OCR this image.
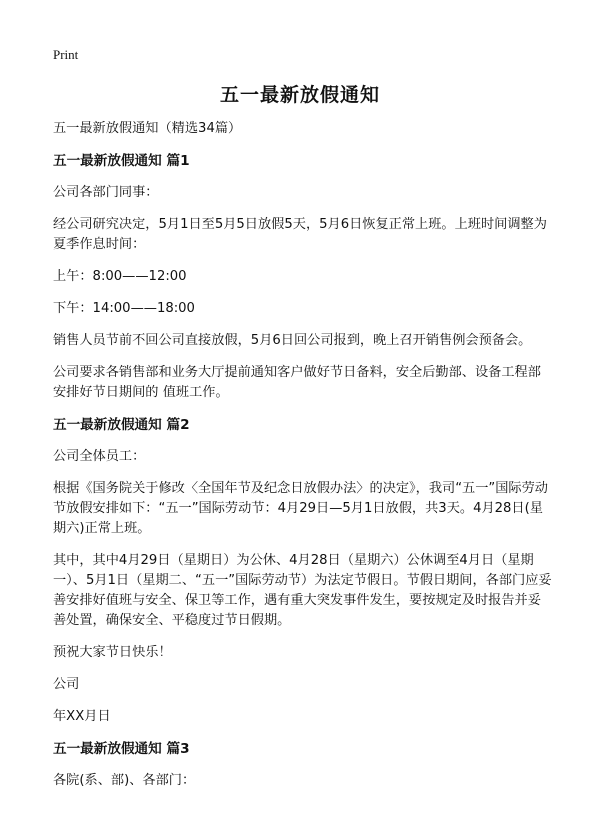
Print
五一最新放假通知

五一最新放假通知（精选34篇）

五一最新放假通知 篇1

公司各部门同事：

经公司研究决定，5月1日至5月5日放假5天，5月6日恢复正常上班。上班时间调整为夏季作息时间：

上午：8:00——12:00

下午：14:00——18:00

销售人员节前不回公司直接放假，5月6日回公司报到，晚上召开销售例会预备会。

公司要求各销售部和业务大厅提前通知客户做好节日备料，安全后勤部、设备工程部安排好节日期间的 值班工作。

五一最新放假通知 篇2

公司全体员工：

根据《国务院关于修改〈全国年节及纪念日放假办法〉的决定》，我司“五一”国际劳动节放假安排如下：“五一”国际劳动节：4月29日—5月1日放假，共3天。4月28日(星期六)正常上班。

其中，其中4月29日（星期日）为公休、4月28日（星期六）公休调至4月日（星期一）、5月1日（星期二、“五一”国际劳动节）为法定节假日。节假日期间，各部门应妥善安排好值班与安全、保卫等工作，遇有重大突发事件发生，要按规定及时报告并妥善处置，确保安全、平稳度过节日假期。

预祝大家节日快乐！

公司

年XX月日

五一最新放假通知 篇3

各院(系、部)、各部门：
